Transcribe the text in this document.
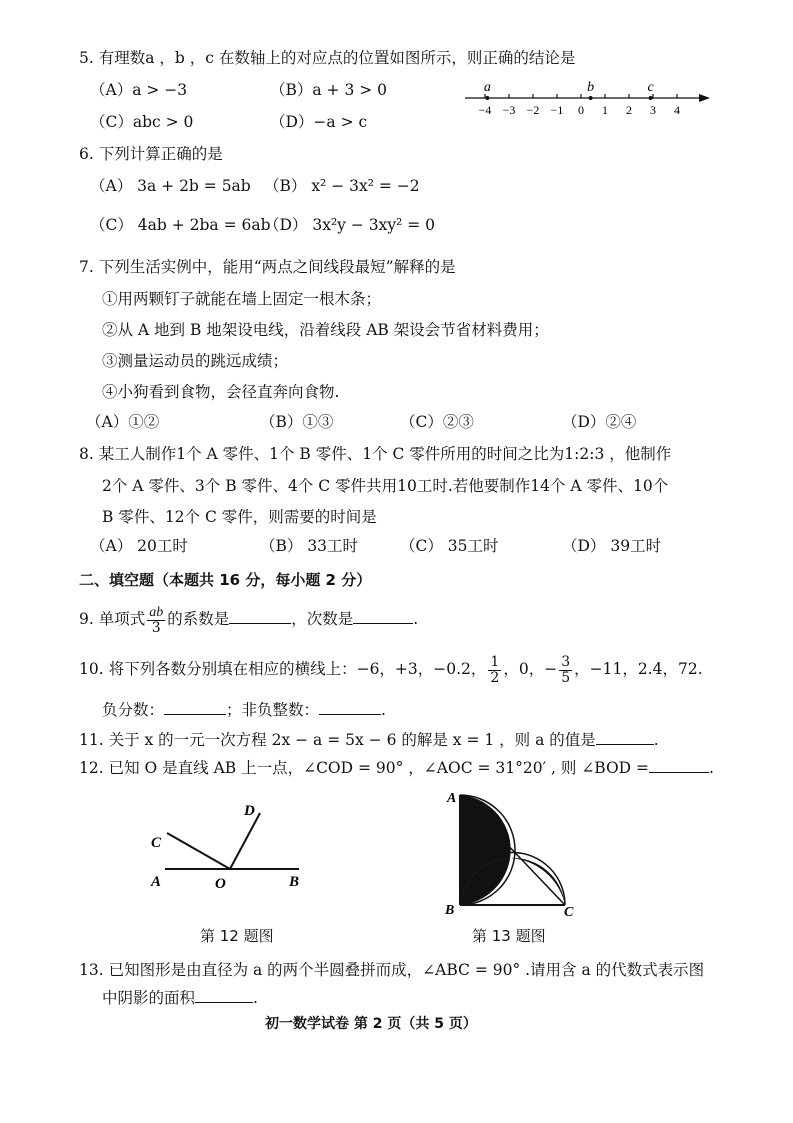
5. 有理数a ，b ，c 在数轴上的对应点的位置如图所示，则正确的结论是
（A）a > −3	（B）a + 3 > 0
（C）abc > 0	（D）−a > c
−4 −3 −2 −1 0 1 2 3 4
a	b	c
6. 下列计算正确的是
（A） 3a + 2b = 5ab （B） x² − 3x² = −2
（C） 4ab + 2ba = 6ab
（D） 3x²y − 3xy² = 0
7. 下列生活实例中，能用“两点之间线段最短”解释的是
①用两颗钉子就能在墙上固定一根木条；
②从 A 地到 B 地架设电线，沿着线段 AB 架设会节省材料费用；
③测量运动员的跳远成绩；
④小狗看到食物，会径直奔向食物.
（A）①②	（B）①③	（C）②③	（D）②④
8. 某工人制作1个 A 零件、1个 B 零件、1个 C 零件所用的时间之比为1:2:3 ，他制作
2个 A 零件、3个 B 零件、4个 C 零件共用10工时.若他要制作14个 A 零件、10个
B 零件、12个 C 零件，则需要的时间是
（A） 20工时	（B） 33工时	（C） 35工时	（D） 39工时
二、填空题（本题共 16 分，每小题 2 分）
9. 单项式 $\frac{ab}{3}$ 的系数是	，次数是	.
10. 将下列各数分别填在相应的横线上：−6，+3，−0.2， $\frac{1}{2}$ ，0，− $\frac{3}{5}$ ，−11，2.4，72.
负分数：	；非负整数：	.
11. 关于 x 的一元一次方程 2x − a = 5x − 6 的解是 x = 1 ，则 a 的值是	.
12. 已知 O 是直线 AB 上一点，∠COD = 90° ，∠AOC = 31°20′ , 则 ∠BOD =	.
C
D
A	O	B
第 12 题图
A
B	C
第 13 题图
13. 已知图形是由直径为 a 的两个半圆叠拼而成，∠ABC = 90° .请用含 a 的代数式表示图
中阴影的面积	.
初一数学试卷 第 2 页（共 5 页）
